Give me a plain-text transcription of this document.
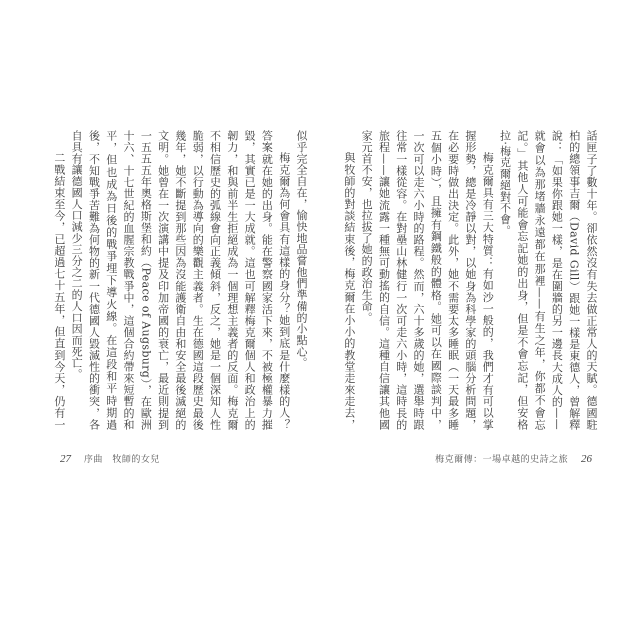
似乎完全自在，愉快地品嘗他們準備的小點心。

梅克爾為何會具有這樣的身分？她到底是什麼樣的人？答案就在她的出身。能在警察國家活下來，不被極權暴力摧毀，其實已是一大成就。這也可解釋梅克爾個人和政治上的韌力，和與前半生拒絕成為一個理想主義者的反面。梅克爾不相信歷史的弧線會向正義傾斜，反之，她是一個深知人性脆弱，以行動為導向的樂觀主義者。生在德國這段歷史最後幾年，她不斷提到那些因為沒能護衛自由和安全最後滅絕的文明。她曾在一次演講中提及印加帝國的衰亡，最近則提到一五五五年奧格斯堡和約（Peace of Augsburg），在歐洲十六、十七世紀的血腥宗教戰爭中，這個合約帶來短暫的和平，但也成為日後的戰爭埋下導火線。在這段和平時期過後，不知戰爭苦難為何物的新一代德國人毀滅性的衝突，各自具有讓德國人口減少三分之二的人口因而死亡。

二戰結束至今，已超過七十五年，但直到今天，仍有一	話匣子了數十年。卻依然沒有失去做正常人的天賦。德國駐柏的總領事吉爾（David Gill）跟她一樣是東德人，曾解釋說：「如果你跟她一樣，是在圍牆的另一邊長大成人的——就會以為那堵牆永遠都在那裡——有生之年，你都不會忘記。」其他人可能會忘記她的出身，但是不會忘記，但安格拉‧梅克爾絕對不會。

梅克爾具有三大特質：有如沙一般的，我們才有可以掌握形勢，總是冷靜以對，以她身為科學家的頭腦分析問題，在必要時做出決定。此外，她不需要太多睡眠（一天最多睡五個小時），且擁有鋼鐵般的體格。她可以在國際談判中，一次可以走六小時的路程。然而，六十多歲的她，選舉時跟往常一樣從容。在對壘山林健行一次可走六小時，這時長的旅程——讓她流露一種無可動搖的自信。這種自信讓其他國家元首不安，也拉拔了她的政治生命。

與牧師的對談結束後，梅克爾在小小的教堂走來走去，

27 序曲　牧師的女兒	梅克爾傳：一場卓越的史詩之旅 26
